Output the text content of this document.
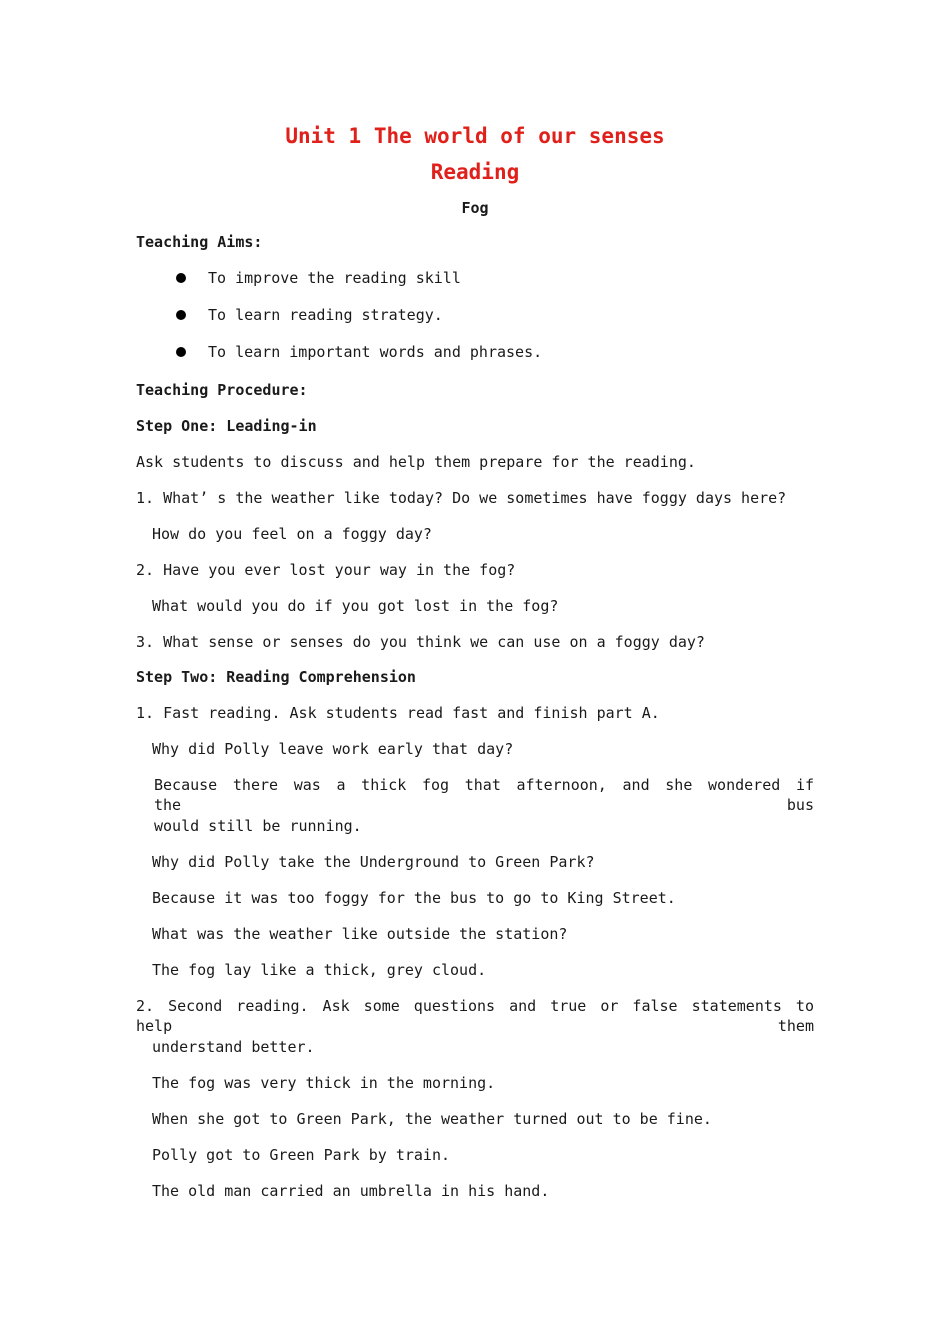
Unit 1 The world of our senses
Reading
Fog
Teaching Aims:
To improve the reading skill
To learn reading strategy.
To learn important words and phrases.
Teaching Procedure:
Step One: Leading-in
Ask students to discuss and help them prepare for the reading.
1. What’ s the weather like today? Do we sometimes have foggy days here?
How do you feel on a foggy day?
2. Have you ever lost your way in the fog?
What would you do if you got lost in the fog?
3. What sense or senses do you think we can use on a foggy day?
Step Two: Reading Comprehension
1. Fast reading. Ask students read fast and finish part A.
Why did Polly leave work early that day?
Because there was a thick fog that afternoon, and she wondered if the bus
would still be running.
Why did Polly take the Underground to Green Park?
Because it was too foggy for the bus to go to King Street.
What was the weather like outside the station?
The fog lay like a thick, grey cloud.
2. Second reading. Ask some questions and true or false statements to help them
understand better.
The fog was very thick in the morning.
When she got to Green Park, the weather turned out to be fine.
Polly got to Green Park by train.
The old man carried an umbrella in his hand.
